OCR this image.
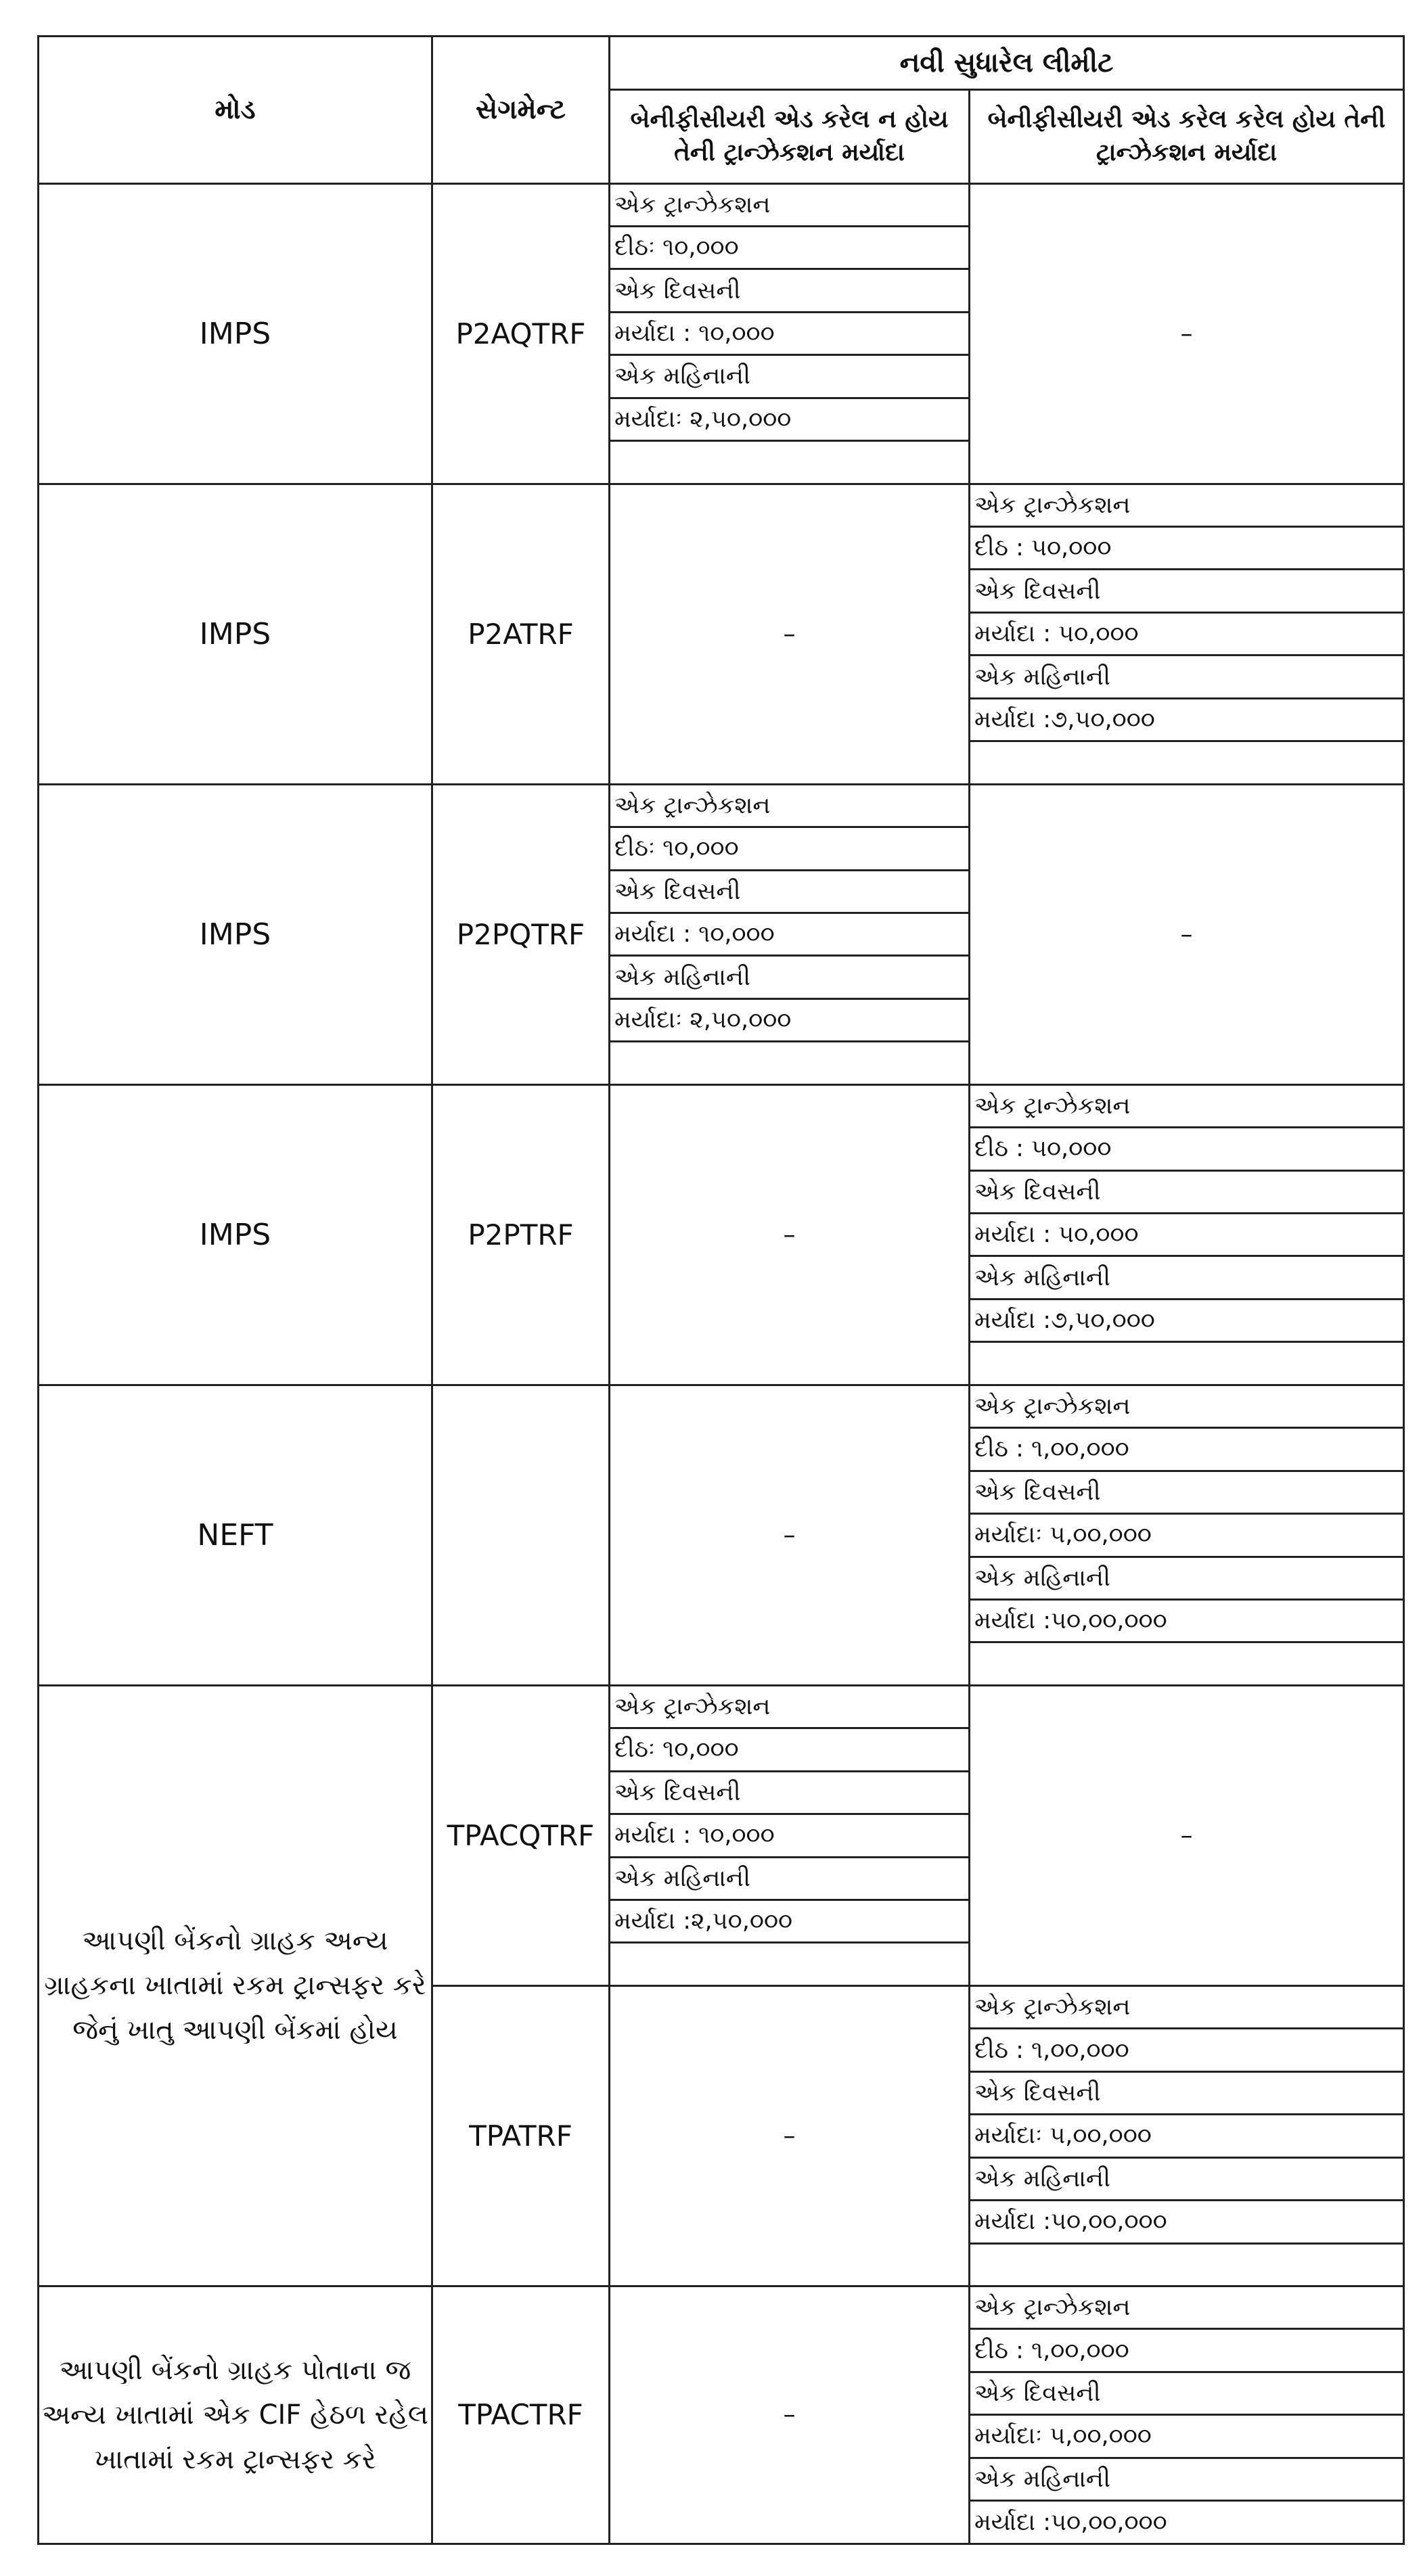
મોડ	સેગમેન્ટ	નવી સુધારેલ લીમીટ	
		બેનીફીસીયરી એડ કરેલ ન હોય તેની ટ્રાન્ઝેકશન મર્યાદા	બેનીફીસીયરી એડ કરેલ કરેલ હોય તેની ટ્રાન્ઝેકશન મર્યાદા
IMPS	P2AQTRF	એક ટ્રાન્ઝેકશન	–
		દીઠઃ ૧૦,૦૦૦	
		એક દિવસની	
		મર્યાદા : ૧૦,૦૦૦	
		એક મહિનાની	
		મર્યાદાઃ ૨,૫૦,૦૦૦	

IMPS	P2ATRF	–	એક ટ્રાન્ઝેકશન
			દીઠ : ૫૦,૦૦૦
			એક દિવસની
			મર્યાદા : ૫૦,૦૦૦
			એક મહિનાની
			મર્યાદા :૭,૫૦,૦૦૦

IMPS	P2PQTRF	એક ટ્રાન્ઝેકશન	–
		દીઠઃ ૧૦,૦૦૦	
		એક દિવસની	
		મર્યાદા : ૧૦,૦૦૦	
		એક મહિનાની	
		મર્યાદાઃ ૨,૫૦,૦૦૦	

IMPS	P2PTRF	–	એક ટ્રાન્ઝેકશન
			દીઠ : ૫૦,૦૦૦
			એક દિવસની
			મર્યાદા : ૫૦,૦૦૦
			એક મહિનાની
			મર્યાદા :૭,૫૦,૦૦૦

NEFT		–	એક ટ્રાન્ઝેકશન
			દીઠ : ૧,૦૦,૦૦૦
			એક દિવસની
			મર્યાદાઃ ૫,૦૦,૦૦૦
			એક મહિનાની
			મર્યાદા :૫૦,૦૦,૦૦૦

આપણી બેંકનો ગ્રાહક અન્ય ગ્રાહકના ખાતામાં રકમ ટ્રાન્સફર કરે જેનું ખાતુ આપણી બેંકમાં હોય	TPACQTRF	એક ટ્રાન્ઝેકશન	–
		દીઠઃ ૧૦,૦૦૦	
		એક દિવસની	
		મર્યાદા : ૧૦,૦૦૦	
		એક મહિનાની	
		મર્યાદા :૨,૫૦,૦૦૦	

	TPATRF	–	એક ટ્રાન્ઝેકશન
			દીઠ : ૧,૦૦,૦૦૦
			એક દિવસની
			મર્યાદાઃ ૫,૦૦,૦૦૦
			એક મહિનાની
			મર્યાદા :૫૦,૦૦,૦૦૦

આપણી બેંકનો ગ્રાહક પોતાના જ અન્ય ખાતામાં એક CIF હેઠળ રહેલ ખાતામાં રકમ ટ્રાન્સફર કરે	TPACTRF	–	એક ટ્રાન્ઝેકશન
			દીઠ : ૧,૦૦,૦૦૦
			એક દિવસની
			મર્યાદાઃ ૫,૦૦,૦૦૦
			એક મહિનાની
			મર્યાદા :૫૦,૦૦,૦૦૦
